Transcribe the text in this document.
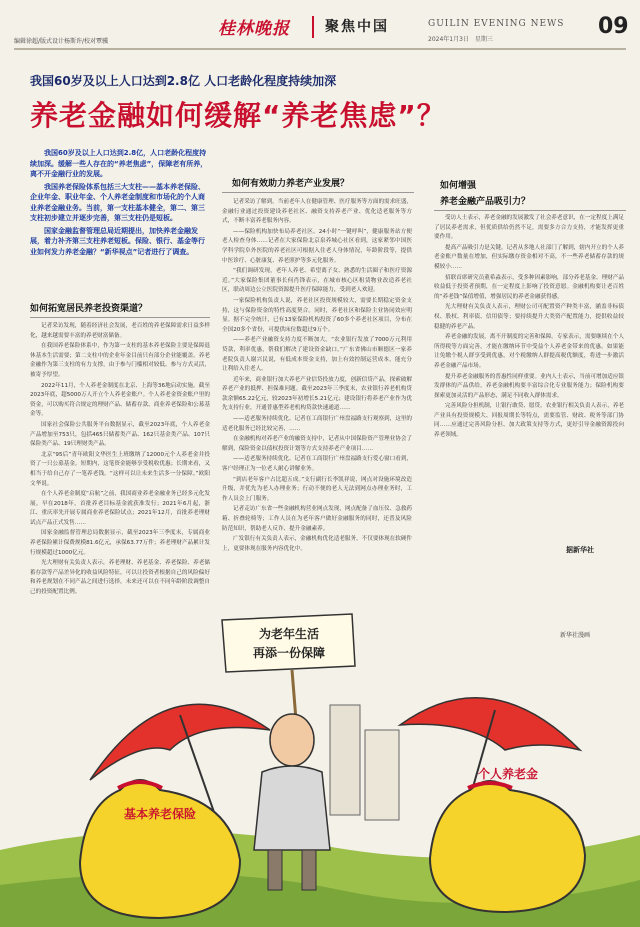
编辑徐超/版式设计杨斯许/校对覃骥
桂林晚报	聚焦中国	GUILIN EVENING NEWS
2024年1月3日　星期三
09
我国60岁及以上人口达到2.8亿 人口老龄化程度持续加深
养老金融如何缓解“养老焦虑”？

我国60岁及以上人口达到2.8亿，人口老龄化程度持续加深。缓解一些人存在的“养老焦虑”，保障老有所养，离不开金融行业的发展。

我国养老保险体系包括三大支柱——基本养老保险、企业年金、职业年金、个人养老金制度和市场化的个人商业养老金融业务。当前，第一支柱基本健全，第二、第三支柱初步建立并逐步完善，第三支柱仍是短板。

国家金融监督管理总局近期提出，加快养老金融发展，着力补齐第三支柱养老短板。保险、银行、基金等行业如何发力养老金融？“新华视点”记者进行了调查。

如何拓宽居民养老投资渠道？

记者采访发现，随着经济社会发展，老百姓的养老保障需求日益多样化，越来越需要丰富的养老财富储备。

在我国养老保险体系中，作为第一支柱的基本养老保险主要是保障退休基本生活需要；第二支柱中的企业年金目前只有部分企业能覆盖。养老金融作为第三支柱的有力支撑，由于参与门槛相对较低、参与方式灵活，被寄予厚望。

2022年11月，个人养老金制度在北京、上海等36地启动实施。截至2023年底，超5000万人开立个人养老金账户。个人养老金资金账户里的资金，可以购买符合规定的理财产品、储蓄存款、商业养老保险和公募基金等。

国家社会保险公共服务平台数据显示，截至2023年底，个人养老金产品增加至753只，包括465只储蓄类产品、162只基金类产品、107只保险类产品、19只理财类产品。

北京“95后”青年欧阳文华医生上班缴纳了12000元个人养老金并投资了一只公募基金。短期内，这笔资金能够享受税收优惠；长期来看，又相当于给自己存了一笔养老钱。“这样可以让未来生活多一分保障。”欧阳文华说。

在个人养老金制度“启航”之前，我国商业养老金融业务已经多元化发展。早在2018年，首批养老目标基金就获准发行；2021年6月起，浙江、重庆率先开展专属商业养老保险试点；2021年12月，首批养老理财试点产品正式发售……

国家金融监督管理总局数据显示，截至2023年三季度末，专属商业养老保险累计保费规模81.6亿元，承保63.77万件；养老理财产品累计发行规模超过1000亿元。

光大理财有关负责人表示，养老理财、养老基金、养老保险、养老储蓄存款等产品差异化的收益风险特征，可以让投资者根据自己的风险偏好和养老规划在不同产品之间进行选择，未来还可以在不同年龄阶段调整自己的投资配置比例。

如何有效助力养老产业发展？

记者采访了解到，当前老年人在健康管理、医疗服务等方面的需求旺盛，金融行业通过投资建设养老社区、融资支持养老产业、优化适老服务等方式，不断丰富养老服务内容。

——保险机构加快布局养老社区。24小时“一键呼叫”，健康服务站方便老人检查身体……记者在大家保险北京泉养城心社区看到，这家紧邻中国医学科学院阜外医院的养老社区可根据入住老人身体情况，年龄阶段等，提供中医诊疗、心脏康复、养老照护等多元化服务。

“我们调研发现，老年人养老、希望离子女、熟悉的生活圈子和医疗资源近。”大家保险集团董事长何肖锋表示，在城市核心区租赁物业改造养老社区，联动周边公立医院资源提升医疗保障能力，受到老人欢迎。

一家保险机构负责人说，养老社区投资规模较大，需要长期稳定资金支持，这与保险资金的特性高度契合。同时，养老社区和保险主业协同效应明显。据不完全统计，已有13家保险机构投资了60多个养老社区项目，分布在全国20多个省份，可提供床位数超过9万个。

——养老产业融资支持力度不断加大。“农业银行发放了7000万元利用贷款，利率优惠，帮我们解决了建设资金缺口。”广东省佛山市顺德区一家养老院负责人谢兴民说，有低成本资金支持，加上有效控制运营成本，能充分让利给入住老人。

近年来，商业银行加大养老产业信贷投放力度，创新信贷产品，探索破解养老产业的抵押、担保难问题。截至2023年三季度末，农业银行养老机构贷款余额65.22亿元，较2023年初增长5.21亿元；建设银行将养老产业作为优先支持行业，开通普惠型养老机构贷款快速通道……

——适老服务持续优化。记者在工商银行广州盘福路支行观察到，这里的适老化服务已经比较完善，……

在金融机构对养老产业的融资支持中，记者从中国保险资产管理业协会了解到，保险资金以债权投资计划等方式支持养老产业项目……

——适老服务持续优化。记者在工商银行广州盘福路支行爱心窗口看到，客户经理正为一位老人耐心讲解业务。

“到店老年客户占比超五成。”支行副行长李凯祥说，网点对设施环境改造升级，并优先为老人办理业务；行动不便的老人无法到网点办理业务时，工作人员会上门服务。

记者走访广东省一些金融机构营业网点发现，网点配备了血压仪、急救药箱、折叠轮椅等；工作人员在为老年客户做好金融服务的同时，还普及风险防范知识，帮助老人反诈、提升金融素养。

广发银行有关负责人表示，金融机构优化适老服务，不仅要体现在软硬件上，更要体现在服务内容优化中。

如何增强
养老金融产品吸引力？

受访人士表示，养老金融的发展激发了社会养老意识，在一定程度上满足了居民养老需求，但优质供给仍然不足，需要多方合力支持，才能发挥更重要作用。

提高产品吸引力是关键。记者从多地人社部门了解到，辖内开立的个人养老金账户数量在增加，但实际缴存资金相对不高，不一些养老储蓄存款的规模较小……

招联首席研究员董希淼表示，受多种因素影响，部分养老基金、理财产品收益低于投资者预期，在一定程度上影响了投资意愿。金融机构要让老百姓的“养老钱”保值增值，增强居民的养老金融获得感。

光大理财有关负责人表示，理财公司可配置资产种类丰富，涵盖非标债权、股权、利率债、信用债等；要持续提升大类资产配置能力，提供收益较稳健的养老产品。

养老金融的发展，离不开制度的完善和保障。专家表示，需要继续在个人所得税等方面完善，才能在缴纳环节中受益个人养老金带来的优惠。如果能让免缴个税人群享受到优惠，对个税缴纳人群提高税优额度，将进一步激活养老金融产品市场。

提升养老金融服务的普惠性同样重要。业内人士表示，当前可增加适应银发群体的产品供给，养老金融机构要丰富综合化专业服务能力；保险机构要探索更加灵活的产品形态，满足不同收入群体需求。

完善风险分担机制，让银行敢贷、愿贷。农业银行相关负责人表示，养老产业具有投资规模大、回报周期长等特点，需要监管、财政、税务等部门协同……应通过完善风险分担、加大政策支持等方式，更好引导金融资源投向养老领域。

据新华社
新华社漫画
为老年生活
再添一份保障
基本养老保险
个人养老金
